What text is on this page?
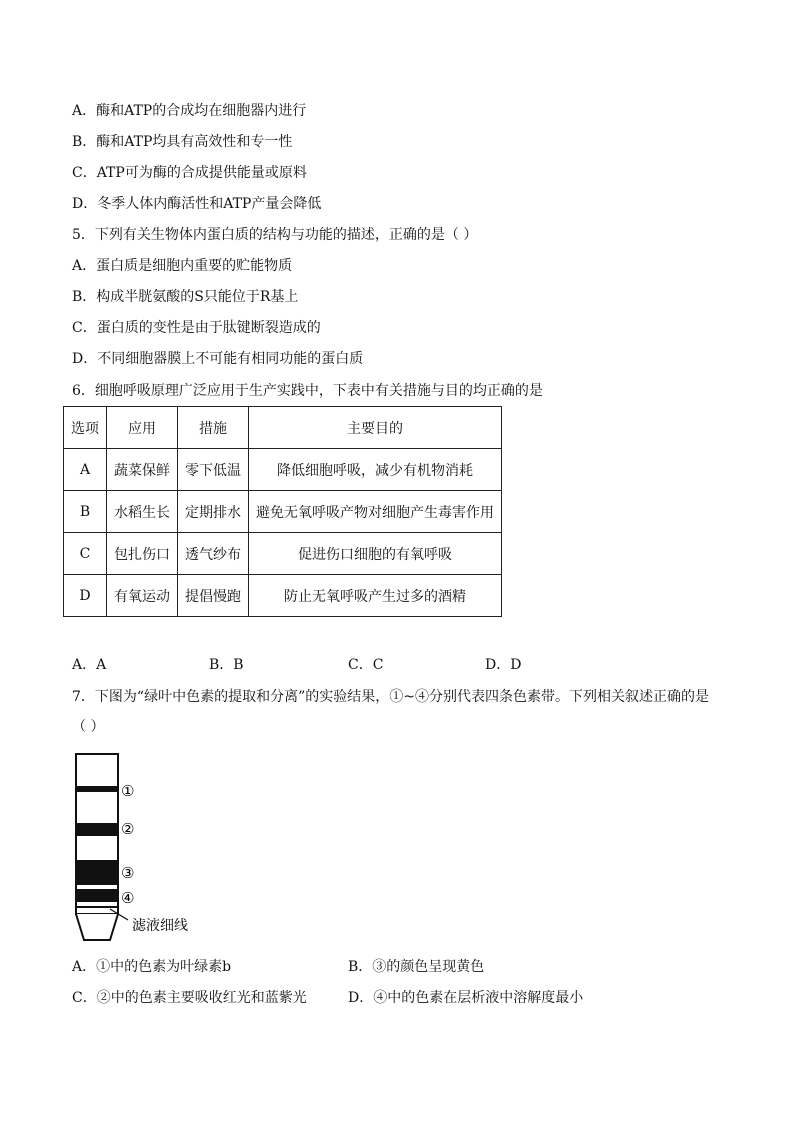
A．酶和ATP的合成均在细胞器内进行
B．酶和ATP均具有高效性和专一性
C．ATP可为酶的合成提供能量或原料
D．冬季人体内酶活性和ATP产量会降低
5．下列有关生物体内蛋白质的结构与功能的描述，正确的是（ ）
A．蛋白质是细胞内重要的贮能物质
B．构成半胱氨酸的S只能位于R基上
C．蛋白质的变性是由于肽键断裂造成的
D．不同细胞器膜上不可能有相同功能的蛋白质
6．细胞呼吸原理广泛应用于生产实践中，下表中有关措施与目的均正确的是
选项	应用	措施	主要目的
A	蔬菜保鲜	零下低温	降低细胞呼吸，减少有机物消耗
B	水稻生长	定期排水	避免无氧呼吸产物对细胞产生毒害作用
C	包扎伤口	透气纱布	促进伤口细胞的有氧呼吸
D	有氧运动	提倡慢跑	防止无氧呼吸产生过多的酒精
A．A	B．B	C．C	D．D
7．下图为“绿叶中色素的提取和分离”的实验结果，①~④分别代表四条色素带。下列相关叙述正确的是
（ ）
①
②
③
④
滤液细线
A．①中的色素为叶绿素b	B．③的颜色呈现黄色
C．②中的色素主要吸收红光和蓝紫光	D．④中的色素在层析液中溶解度最小
